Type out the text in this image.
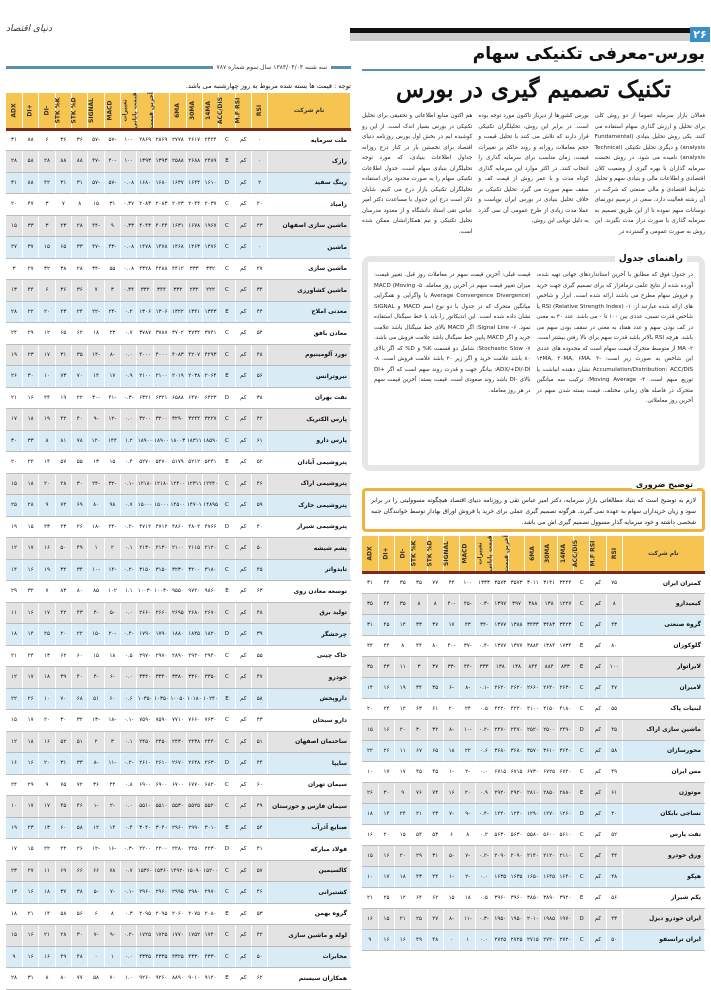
دنیای اقتصاد	۲۶
بورس-معرفی تکنیکی سهام
سه شنبه ۱۳۸۴/۰۴/۰۴ سال سوم شماره ۷۸۷
توجه : قیمت ها بسته شده مربوط به روز چهارشنبه می باشد.	تکنیک تصمیم گیری در بورس

فعالان بازار سرمایه عموما از دو روش کلی برای تحلیل و ارزش گذاری سهام استفاده می کنند. یکی روش تحلیل بنیادی (Fundamental analysis) و دیگری تحلیل تکنیکی (Technical analysis) نامیده می شود. در روش نخست سرمایه گذاران با بهره گیری از وضعیت کلان اقتصادی و اطلاعات مالی و بنیادی سهم و تحلیل شرایط اقتصادی و مالی صنعتی که شرکت در آن رشته فعالیت دارد، سعی در ترسیم دورنمای نوسانات سهم نموده تا از این طریق تصمیم به سرمایه گذاری با صورت دراز مدت بگیرند. این روش به صورت عمومی و گسترده در

بورس کشورها از دیرباز تاکنون مورد توجه بوده است. در برابر این روش، تحلیلگران تکنیکی قرار دارند که تلاش می کنند با تحلیل قیمت و حجم معاملات روزانه و روند حاکم بر تغییرات قیمت، زمان مناسب برای سرمایه گذاری را انتخاب کنند. در اکثر موارد این سرمایه گذاری کوتاه مدت و با عمر روش از قیمت کف و سقف سهم صورت می گیرد. تحلیل تکنیکی بر خلاف تحلیل بنیادی در بورس ایران نوپاست و عملا مدت زیادی از طرح عمومی آن نمی گذرد به دلیل نوپایی این روش،

هم اکنون منابع اطلاعاتی و تحقیقی برای تحلیل تکنیکی در بورس بسیار اندک است. از این رو کوشیده ایم در بخش اول بورس روزنامه دنیای اقتصاد برای نخستین بار در کنار درج روزانه جداول اطلاعات بنیادی، که مورد توجه تحلیلگران بنیادی سهام است، جدول اطلاعات تکنیکی سهام را به صورت محدود برای استفاده تحلیلگران تکنیکی بازار درج می کنیم. شایان ذکر است درج این جدول با مساعدت دکتر امیر عباس تقی استاد دانشگاه و از معدود مدرسان تحلیل تکنیکی و تیم همکارانشان ممکن شده است.

راهنمای جدول

در جدول فوق که مطابق با آخرین استانداردهای جهانی تهیه شده، آورده شده از نتایج علمی ترمافزار که برای تصمیم گیری جهت خرید و فروش سهام مطرح می باشند ارائه شده است. ابزار و شاخص های ارائه شده عبارتند از: ۱- RSI (Relative Strength Index) یا شاخص قدرت نسبی، عددی بین ۱۰۰ تا ۰ می باشد. عدد ۳۰ به معنی در کف بودن سهم و عدد هفتاد به معنی در سقف بودن سهم می باشد. هرچه RSI بالاتر باشد قدرت سهم برای بالا رفتن بیشتر است. ۲- MA از متوسط متحرک قیمت سهام است که محدوده های عددی این شاخص به صورت زیر است: ۱۴MA, ۳۰MA, ۶MA. ۳- Accumulation/Distribution: ACC/DIS نشان دهنده انباشت یا توزیع سهم است. ۴- Moving Average: ترکیب سه میانگین متحرک در فاصله های زمانی مختلف. قیمت بسته شدن سهم در آخرین روز معاملاتی.

قیمت قبلی: آخرین قیمت سهم در معاملات روز قبل. تغییر قیمت: میزان تغییر قیمت سهم در آخرین روز معامله. ۵- MACD (Moving Average Convergence Divergence) یا واگرایی و همگرایی میانگین متحرک که در جدول با دو نوع اسم MACD و SIGNAL نشان داده شده است. این اندیکاتور را باید با خط سیگنال استفاده نمود. ۶- Signal Line: اگر MACD بالای خط سیگنال باشد علامت خرید و اگر MACD پایین خط سیگنال باشد علامت فروش می باشد. ۷- Stochastic Slow: شامل دو قسمت K% و D% که اگر بالای ۸۰ باشد علامت خرید و اگر زیر ۲۰ باشد علامت فروش است. ۸- ADX/+DI/-DI: بیانگر جهت و قدرت روند سهم است که اگر +DI بالای -DI باشد روند صعودی است. قیمت بسته: آخرین قیمت سهم در هر روز معامله.

لازم به توضیح است که بنیاد مطالعاتی بازار سرمایه، دکتر امیر عباس تقی و روزنامه دنیای اقتصاد هیچگونه مسوولیتی را در برابر سود و زیان خریداران سهام به عهده نمی گیرند. هرگونه تصمیم گیری عملی برای خرید یا فروش اوراق بهادار توسط خوانندگان جنبه شخصی داشته و خود سرمایه گذار مسوول تصمیم گیری اش می باشد.
توضیح ضروری
نام شرکت	RSI	M.F RSI	ACC/DIS	14MA	30MA	6MA	آخرین قیمت	قیمت پایانی	تغییرات	MACD	SIGNAL	STK %D	STK %K	-DI	+DI	ADX
ملت سرمایه	۰	کم	C	۲۴۲۴	۲۶۱۷	۲۷۷۸	۲۸۶۹	۲۸۶۹	۱۰۰	-۵۷	-۵۷	۳۶	۳۶	۶	۸۸	۳۱
رازک	۰	کم	E	۲۴۸۹	۲۶۸۸	۲۵۸۸	۱۳۹۳	۱۳۹۳	۱۰۰	-۴۰	-۴۷	۸۸	۸۸	۲۸	۵۸	۲۸
رینگ سفید	۲	کم	D	۱۶۱۰	۱۶۴۴	۱۶۳۷	۱۶۸۰	۱۶۸۰	۰.۰۸	-۵۷	-۵۷	۳۱	۳۱	۴۲	۸۸	۳۱
زامیاد	۲۰	کم	C	۲۰۳۷	۲۰۴۴	۲۰۲۳	۲۰۸۳	۲۰۸۳	۰.۳۷	۳۱	۱۵	۸	۷	۳	۴۷	۲۰
ماشین سازی اصفهان	۴۳	کم	C	۱۹۶۷	۱۶۷۸	۱۶۳۱	۴۰۴۴	۴۰۴۳	۰.۳۳	۹	-۴۴	۲۸	۲۳	۳	۳۳	۱۵
ماشین	۰	کم	C	۱۴۷۶	۱۴۶۳	۱۴۶۸	۱۴۷۸	۱۴۷۸	۰.۰۸	-۴۳	-۴۷	۳۳	۶۵	۱۵	۳۷	۲۷
ماشین سازی	۲۷	کم	C	۳۳۲	۳۳۳	۴۴۱۲	۴۲۸۸	۴۳۲۸	۰.۰۸	۵۵	-۳۴	۲۸	۳۸	۳۲	۲۷	۳
ماشین کشاورزی	۳۴	کم	C	۲۲۲	۲۳۲	۳۳۲	۳۴۴	۳۳۲	۰.۳۴	۳	۷	۳۶	۳۶	۶	۴۴	۱۳
معدنی املاح	۴۴	کم	E	۱۳۴۳	۱۳۴۱	۱۳۲۲	۱۳۰۶	۱۳۰۶	۰.۲	-۲۴	-۲۲	۲۴	۲۳	۲۰	۲۲	۲۸
معادن بافق	۵۴	کم	C	۳۷۴۱	۳۷۳۴	۳۷۰۲	۳۷۸۷	۳۷۸۷	۰.۷	۲۳	۱۸	۶۲	۶۵	۱۲	۲۹	۲۴
نورد آلومینیوم	۴۸	کم	C	۴۲۹۳	۴۲۰۷	۴۰۸۳	۴۰۰۰	۴۰۰۰	۰.۰	-۸	-۱۴	۳۵	۳۱	۱۷	۲۳	۱۹
نیروترانس	۵۶	کم	E	۲۰۶۴	۲۰۳۸	۲۰۱۹	۲۱۰۰	۲۱۰۰	۰.۹	۱۷	۱۴	۷۰	۷۳	۱۰	۳۰	۲۶
نفت بهران	۳۸	کم	D	۶۴۲۳	۶۴۷۰	۶۵۸۸	۶۳۲۱	۶۳۲۱	-۰.۳	-۴۱	-۳۰	۲۲	۱۹	۲۴	۱۶	۲۱
پارس الکتریک	۴۲	کم	C	۳۲۲۷	۳۲۴۴	۳۲۹۰	۳۲۰۰	۳۲۰۰	۰.۰	-۱۲	-۹	۴۰	۴۲	۱۹	۱۸	۱۷
پارس دارو	۶۱	کم	C	۱۸۵۹۰	۱۸۳۱۱	۱۸۰۰۳	۱۸۹۰۰	۱۸۹۰۰	۱.۲	۱۴۴	۱۲۰	۷۸	۸۱	۸	۳۳	۳۰
پتروشیمی آبادان	۵۲	کم	E	۵۲۴۱	۵۲۱۲	۵۱۷۹	۵۲۷۰	۵۲۷۰	۰.۴	۱۵	۱۳	۵۵	۵۷	۱۴	۲۲	۲۰
پتروشیمی اراک	۴۶	کم	C	۱۲۲۴۰	۱۲۳۱۱	۱۲۴۰۰	۱۲۱۸۰	۱۲۱۸۰	-۰.۱	-۳۲	-۲۴	۳۰	۲۸	۲۰	۱۸	۱۵
پتروشیمی خارک	۵۹	کم	C	۱۴۸۹۵	۱۴۷۰۱	۱۴۵۰۰	۱۵۰۰۰	۱۵۰۰۰	۰.۷	۹۸	۸۰	۶۹	۷۲	۹	۲۸	۲۵
پتروشیمی شیراز	۴۰	کم	D	۴۷۶۶	۴۸۰۲	۴۸۶۰	۴۷۱۲	۴۷۱۲	-۰.۲	-۲۴	-۱۸	۲۶	۲۳	۲۳	۱۵	۱۹
پشم شیشه	۵۰	کم	C	۲۱۲۰	۲۱۱۵	۲۱۰۰	۲۱۳۰	۲۱۳۰	۰.۱	۲	۱	۴۹	۵۰	۱۶	۱۷	۱۲
تایدواتر	۴۵	کم	C	۳۱۸۰	۳۲۰۰	۳۲۳۰	۳۱۵۰	۳۱۵۰	-۰.۲	-۱۴	-۱۰	۳۴	۳۲	۱۹	۱۶	۱۴
توسعه معادن روی	۶۳	کم	E	۹۸۶۰	۹۷۲۰	۹۵۵۰	۱۰۰۳۰	۱۰۰۳۰	۱.۱	۱۰۲	۸۵	۸۰	۸۳	۷	۳۲	۲۹
تولید برق	۴۸	کم	C	۲۶۷۰	۲۶۸۰	۲۶۹۵	۲۶۶۰	۲۶۶۰	۰.۰	-۵	-۴	۴۳	۴۲	۱۷	۱۶	۱۱
چرخشگر	۳۹	کم	D	۱۸۲۰	۱۸۴۵	۱۸۸۰	۱۷۹۰	۱۷۹۰	-۰.۴	-۲۰	-۱۵	۲۲	۲۰	۲۵	۱۴	۱۸
خاک چینی	۵۵	کم	C	۲۹۴۰	۲۹۲۰	۲۸۹۰	۲۹۷۰	۲۹۷۰	۰.۵	۱۸	۱۵	۶۰	۶۲	۱۳	۲۴	۲۱
خودرو	۴۷	کم	C	۳۳۵۰	۳۳۶۰	۳۳۸۰	۳۳۴۰	۳۳۴۰	۰.۰	-۶	-۴	۴۰	۳۹	۱۸	۱۷	۱۲
داروپخش	۵۸	کم	E	۱۰۲۴۰	۱۰۱۸۰	۱۰۰۵۰	۱۰۳۵۰	۱۰۳۵۰	۰.۶	۶۰	۵۱	۶۸	۷۰	۱۰	۲۶	۲۲
دارو سبحان	۴۳	کم	C	۷۶۳۰	۷۶۶۰	۷۷۱۰	۷۵۹۰	۷۵۹۰	-۰.۱	-۱۸	-۱۳	۳۲	۳۰	۲۰	۱۷	۱۵
ساختمان اصفهان	۵۱	کم	C	۲۴۴۰	۲۴۳۸	۲۴۳۰	۲۴۵۰	۲۴۵۰	۰.۱	۳	۲	۵۱	۵۲	۱۶	۱۸	۱۲
سایپا	۴۴	کم	D	۲۶۳۰	۲۶۴۸	۲۶۷۰	۲۶۱۰	۲۶۱۰	-۰.۲	-۱۱	-۸	۳۳	۳۱	۲۰	۱۶	۱۶
سیمان تهران	۶۰	کم	C	۶۸۲۰	۶۷۷۰	۶۷۰۰	۶۹۰۰	۶۹۰۰	۰.۸	۴۴	۳۶	۷۲	۷۵	۹	۲۹	۲۴
سیمان فارس و خوزستان	۴۹	کم	C	۵۵۲۰	۵۵۲۵	۵۵۳۰	۵۵۱۰	۵۵۱۰	۰.۰	-۲	-۱	۴۶	۴۵	۱۷	۱۷	۱۰
صنایع آذرآب	۵۴	کم	E	۳۰۱۰	۲۹۹۰	۲۹۶۰	۳۰۴۰	۳۰۴۰	۰.۴	۱۴	۱۲	۵۸	۶۰	۱۳	۲۳	۱۹
فولاد مبارکه	۴۱	کم	D	۲۲۳۰	۲۲۵۰	۲۲۸۰	۲۲۰۰	۲۲۰۰	-۰.۳	-۱۶	-۱۲	۲۶	۲۴	۲۲	۱۵	۱۷
کالسیمین	۵۷	کم	C	۱۵۲۰۰	۱۵۰۹۰	۱۴۹۲۰	۱۵۳۶۰	۱۵۳۶۰	۰.۷	۷۸	۶۶	۶۶	۶۹	۱۱	۲۷	۲۳
کشتیرانی	۴۶	کم	C	۲۹۷۰	۲۹۸۰	۲۹۹۵	۲۹۶۰	۲۹۶۰	-۰.۱	-۷	-۵	۳۸	۳۷	۱۸	۱۶	۱۳
گروه بهمن	۵۳	کم	E	۲۰۸۰	۲۰۷۵	۲۰۶۰	۲۰۹۵	۲۰۹۵	۰.۳	۸	۶	۵۶	۵۸	۱۴	۲۱	۱۸
لوله و ماشین سازی	۴۲	کم	C	۱۷۴۰	۱۷۵۲	۱۷۷۰	۱۷۲۵	۱۷۲۵	-۰.۲	-۹	-۷	۳۰	۲۸	۲۱	۱۶	۱۵
مخابرات	۵۰	کم	C	۴۳۳۰	۴۳۳۰	۴۳۲۵	۴۳۳۵	۴۳۳۵	۰.۰	۱	۰	۴۸	۴۹	۱۶	۱۶	۹
همکاران سیستم	۶۲	کم	E	۹۱۲۰	۹۰۱۰	۸۸۹۰	۹۲۶۰	۹۲۶۰	۱.۰	۷۰	۵۸	۷۷	۸۰	۸	۳۱	۲۸
نام شرکت	RSI	M.F RSI	ACC/DIS	14MA	30MA	6MA	آخرین قیمت	قیمت پایانی	تغییرات	MACD	SIGNAL	STK %D	STK %K	-DI	+DI	ADX
کمتران ایران	۷۵	کم	C	۳۴۴۴	۳۱۴۱	۳۰۱۱	۳۵۷۳	۳۵۷۳	۱۳۳۳	۱۰۰	۴۴	۷۷	۳۵	۳۵	۴۴	۳۱
کیمیدارو	۸	کم	C	۱۲۲۷	۱۳۸	۳۸۸	۳۹۷	۱۳۹۷	-۰.۳	-۴۵	-۴۰	۸	۸	۳۵	۴۴	۳۵
گروه صنعتی	۴۳	کم	C	۳۴۲۳	۳۴۸۳	۳۴۳۳	۱۳۸۸	۱۳۷۷	-۳۴	۴۳	۱۷	۳۷	۳۳	۱۴	۴۵	۳۱
گلوکوزان	۸۰	کم	E	۱۷۳۴	۱۳۸۴	۳۸۸۴	۱۳۷۷	۱۳۷۷	-۰.۴	-۳۷	-۴۰	۸۰	۴۴	۸	۴۴	۴۴
لابراتوار	۱۰۰	کم	E	۸۳۳	۸۸۴	۸۴۴	۱۳۸	۱۳۸	۳۳۳	-۴۴	-۳۳	۳۷	۳	۱۱	۴۳	۳۵
لامیران	۴۷	کم	C	۲۶۳۰	۲۶۴۰	۲۶۶۰	۲۶۲۰	۲۶۲۰	-۰.۱	-۸	-۶	۳۵	۳۴	۱۹	۱۶	۱۴
لبنیات پاک	۵۵	کم	C	۴۱۸۰	۴۱۵۰	۴۱۰۰	۴۲۲۰	۴۲۲۰	۰.۵	۲۴	۲۰	۶۱	۶۳	۱۲	۲۴	۲۰
ماشین سازی اراک	۴۵	کم	D	۲۴۹۰	۲۵۰۰	۲۵۲۰	۲۴۷۰	۲۴۷۰	-۰.۲	-۱۰	-۸	۳۲	۳۰	۲۰	۱۶	۱۵
محورسازان	۵۸	کم	C	۳۶۴۰	۳۶۱۰	۳۵۷۰	۳۶۸۰	۳۶۸۰	۰.۶	۲۲	۱۸	۶۵	۶۷	۱۱	۲۶	۲۲
مس ایران	۴۹	کم	C	۶۷۲۰	۶۷۲۵	۶۷۳۰	۶۷۱۵	۶۷۱۵	۰.۰	-۲	-۱	۴۵	۴۵	۱۷	۱۷	۱۰
موتوژن	۶۱	کم	E	۲۸۸۰	۲۸۵۰	۲۸۱۰	۲۹۲۰	۲۹۲۰	۰.۹	۲۰	۱۶	۷۴	۷۶	۹	۳۰	۲۶
نساجی بابکان	۴۰	کم	D	۱۲۶۰	۱۲۷۰	۱۲۹۰	۱۲۴۰	۱۲۴۰	-۰.۴	-۹	-۷	۲۳	۲۱	۲۴	۱۴	۱۸
نفت پارس	۵۲	کم	C	۵۶۱۰	۵۶۰۰	۵۵۸۰	۵۶۳۰	۵۶۳۰	۰.۲	۸	۶	۵۳	۵۴	۱۵	۲۰	۱۶
ورق خودرو	۴۴	کم	C	۲۱۱۰	۲۱۲۰	۲۱۴۰	۲۰۹۰	۲۰۹۰	-۰.۲	-۷	-۵	۳۱	۲۹	۲۰	۱۶	۱۵
هپکو	۴۸	کم	C	۱۶۴۰	۱۶۴۵	۱۶۵۰	۱۶۳۵	۱۶۳۵	۰.۰	-۲	-۱	۴۴	۴۳	۱۸	۱۷	۱۰
یکم شیراز	۵۶	کم	E	۳۹۲۰	۳۸۹۰	۳۸۵۰	۳۹۶۰	۳۹۶۰	۰.۵	۱۸	۱۵	۶۲	۶۴	۱۲	۲۵	۲۱
ایران خودرو دیزل	۴۳	کم	D	۱۹۷۰	۱۹۸۵	۲۰۱۰	۱۹۵۰	۱۹۵۰	-۰.۳	-۱۱	-۸	۲۷	۲۵	۲۱	۱۵	۱۶
ایران ترانسفو	۵۰	کم	C	۲۷۲۰	۲۷۲۰	۲۷۱۵	۲۷۲۵	۲۷۲۵	۰.۰	۱	۰	۴۸	۴۹	۱۶	۱۶	۹
